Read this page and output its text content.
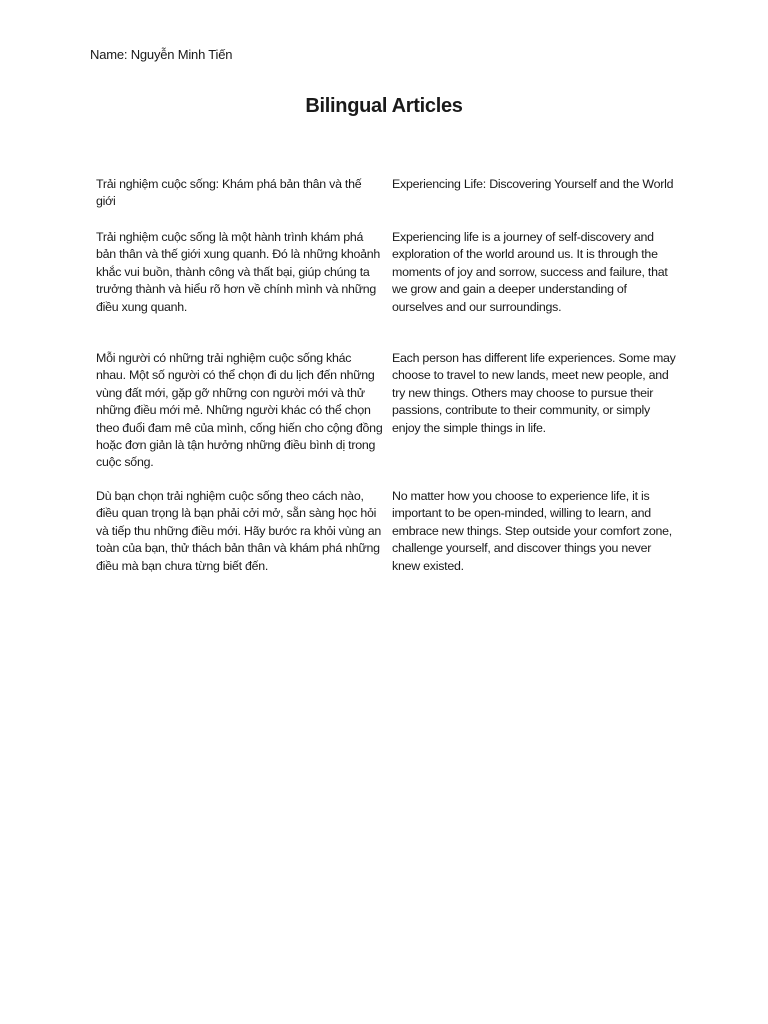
Name: Nguyễn Minh Tiến
Bilingual Articles
Trải nghiệm cuộc sống: Khám phá bản thân và thế giới
Experiencing Life: Discovering Yourself and the World
Trải nghiệm cuộc sống là một hành trình khám phá bản thân và thế giới xung quanh. Đó là những khoảnh khắc vui buồn, thành công và thất bại, giúp chúng ta trưởng thành và hiểu rõ hơn về chính mình và những điều xung quanh.
Experiencing life is a journey of self-discovery and exploration of the world around us. It is through the moments of joy and sorrow, success and failure, that we grow and gain a deeper understanding of ourselves and our surroundings.
Mỗi người có những trải nghiệm cuộc sống khác nhau. Một số người có thể chọn đi du lịch đến những vùng đất mới, gặp gỡ những con người mới và thử những điều mới mẻ. Những người khác có thể chọn theo đuổi đam mê của mình, cống hiến cho cộng đồng hoặc đơn giản là tận hưởng những điều bình dị trong cuộc sống.
Each person has different life experiences. Some may choose to travel to new lands, meet new people, and try new things. Others may choose to pursue their passions, contribute to their community, or simply enjoy the simple things in life.
Dù bạn chọn trải nghiệm cuộc sống theo cách nào, điều quan trọng là bạn phải cởi mở, sẵn sàng học hỏi và tiếp thu những điều mới. Hãy bước ra khỏi vùng an toàn của bạn, thử thách bản thân và khám phá những điều mà bạn chưa từng biết đến.
No matter how you choose to experience life, it is important to be open-minded, willing to learn, and embrace new things. Step outside your comfort zone, challenge yourself, and discover things you never knew existed.
